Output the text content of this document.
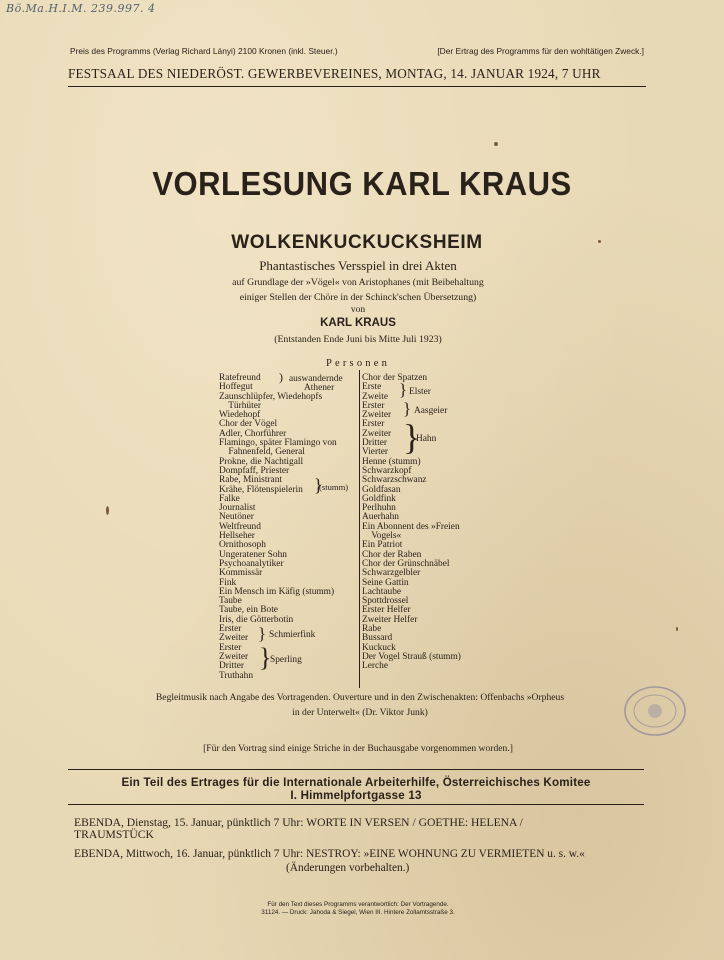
Bö.Ma.H.I.M. 239.997. 4
Preis des Programms (Verlag Richard Lányi) 2100 Kronen (inkl. Steuer.)	[Der Ertrag des Programms für den wohltätigen Zweck.]
FESTSAAL DES NIEDERÖST. GEWERBEVEREINES, MONTAG, 14. JANUAR 1924, 7 UHR
VORLESUNG KARL KRAUS
WOLKENKUCKUCKSHEIM
Phantastisches Versspiel in drei Akten
auf Grundlage der »Vögel« von Aristophanes (mit Beibehaltung
einiger Stellen der Chöre in der Schinck'schen Übersetzung)
von
KARL KRAUS
(Entstanden Ende Juni bis Mitte Juli 1923)
Personen
Ratefreund
Hoffegut
Zaunschlüpfer, Wiedehopfs
Türhüter
Wiedehopf
Chor der Vögel
Adler, Chorführer
Flamingo, später Flamingo von
Fahnenfeld, General
Prokne, die Nachtigall
Dompfaff, Priester
Rabe, Ministrant
Krähe, Flötenspielerin
Falke
Journalist
Neutöner
Weltfreund
Hellseher
Ornithosoph
Ungeratener Sohn
Psychoanalytiker
Kommissär
Fink
Ein Mensch im Käfig (stumm)
Taube
Taube, ein Bote
Iris, die Götterbotin
Erster
Zweiter
Erster
Zweiter
Dritter
Truthahn
Chor der Spatzen
Erste
Zweite
Erster
Zweiter
Erster
Zweiter
Dritter
Vierter
Henne (stumm)
Schwarzkopf
Schwarzschwanz
Goldfasan
Goldfink
Perlhuhn
Auerhahn
Ein Abonnent des »Freien
Vogels«
Ein Patriot
Chor der Raben
Chor der Grünschnäbel
Schwarzgelbler
Seine Gattin
Lachtaube
Spottdrossel
Erster Helfer
Zweiter Helfer
Rabe
Bussard
Kuckuck
Der Vogel Strauß (stumm)
Lerche
) auswandernde
Athener
}
(stumm)
} Schmierfink
}
Sperling
} Elster
} Aasgeier
}
Hahn
Begleitmusik nach Angabe des Vortragenden. Ouverture und in den Zwischenakten: Offenbachs »Orpheus
in der Unterwelt« (Dr. Viktor Junk)
[Für den Vortrag sind einige Striche in der Buchausgabe vorgenommen worden.]
Ein Teil des Ertrages für die Internationale Arbeiterhilfe, Österreichisches Komitee
I. Himmelpfortgasse 13
EBENDA, Dienstag, 15. Januar, pünktlich 7 Uhr: WORTE IN VERSEN / GOETHE: HELENA /
TRAUMSTÜCK
EBENDA, Mittwoch, 16. Januar, pünktlich 7 Uhr: NESTROY: »EINE WOHNUNG ZU VERMIETEN u. s. w.«
(Änderungen vorbehalten.)
Für den Text dieses Programms verantwortlich: Der Vortragende.
31124. — Druck: Jahoda & Siegel, Wien III. Hintere Zollamtsstraße 3.
